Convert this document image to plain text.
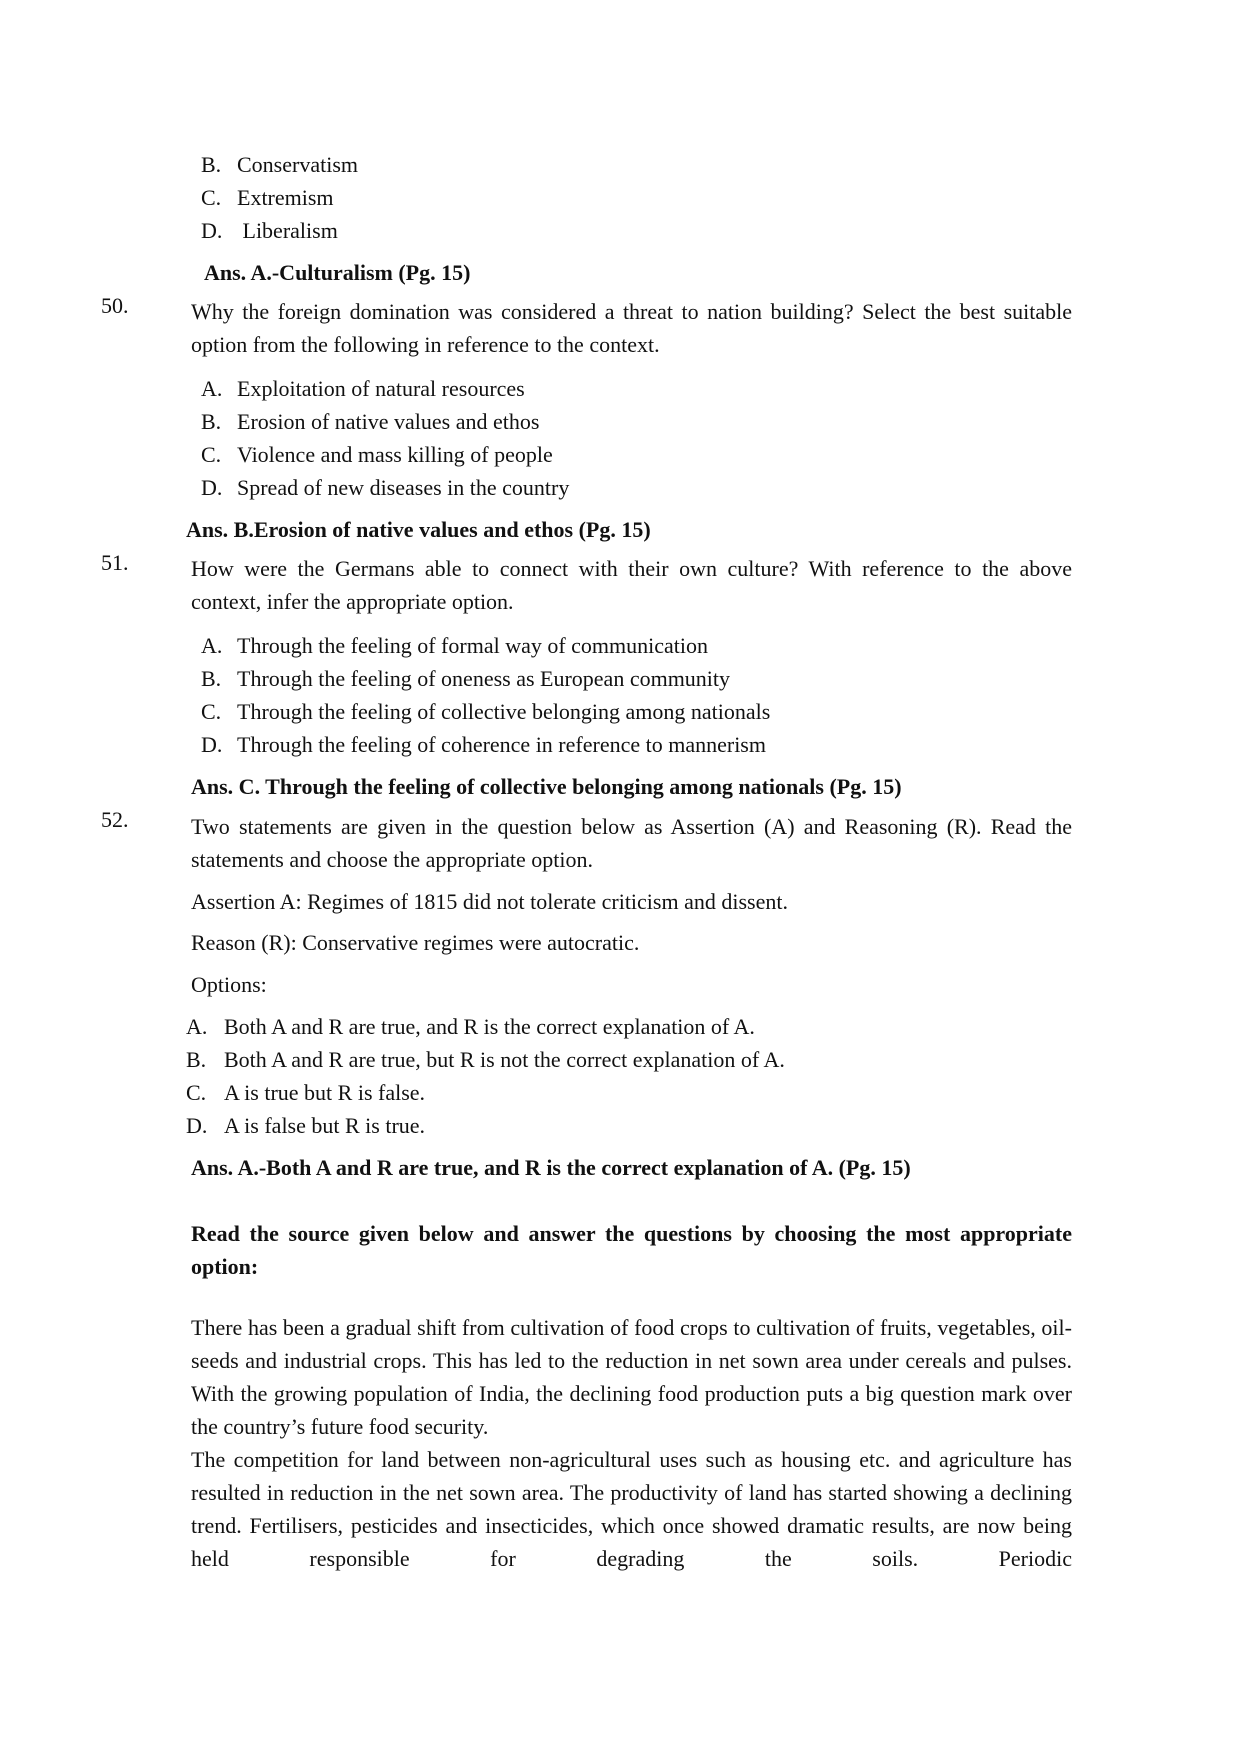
B. Conservatism
C. Extremism
D. Liberalism
Ans. A.-Culturalism (Pg. 15)
50.	Why the foreign domination was considered a threat to nation building? Select the best suitable option from the following in reference to the context.
A. Exploitation of natural resources
B. Erosion of native values and ethos
C. Violence and mass killing of people
D. Spread of new diseases in the country
Ans. B.Erosion of native values and ethos (Pg. 15)
51.	How were the Germans able to connect with their own culture? With reference to the above context, infer the appropriate option.
A. Through the feeling of formal way of communication
B. Through the feeling of oneness as European community
C. Through the feeling of collective belonging among nationals
D. Through the feeling of coherence in reference to mannerism
Ans. C. Through the feeling of collective belonging among nationals (Pg. 15)
52.	Two statements are given in the question below as Assertion (A) and Reasoning (R). Read the statements and choose the appropriate option.
Assertion A: Regimes of 1815 did not tolerate criticism and dissent.
Reason (R): Conservative regimes were autocratic.
Options:
A. Both A and R are true, and R is the correct explanation of A.
B. Both A and R are true, but R is not the correct explanation of A.
C. A is true but R is false.
D. A is false but R is true.
Ans. A.-Both A and R are true, and R is the correct explanation of A. (Pg. 15)
Read the source given below and answer the questions by choosing the most appropriate option:
There has been a gradual shift from cultivation of food crops to cultivation of fruits, vegetables, oil-seeds and industrial crops. This has led to the reduction in net sown area under cereals and pulses. With the growing population of India, the declining food production puts a big question mark over the country’s future food security.
The competition for land between non-agricultural uses such as housing etc. and agriculture has resulted in reduction in the net sown area. The productivity of land has started showing a declining trend. Fertilisers, pesticides and insecticides, which once showed dramatic results, are now being held responsible for degrading the soils. Periodic
